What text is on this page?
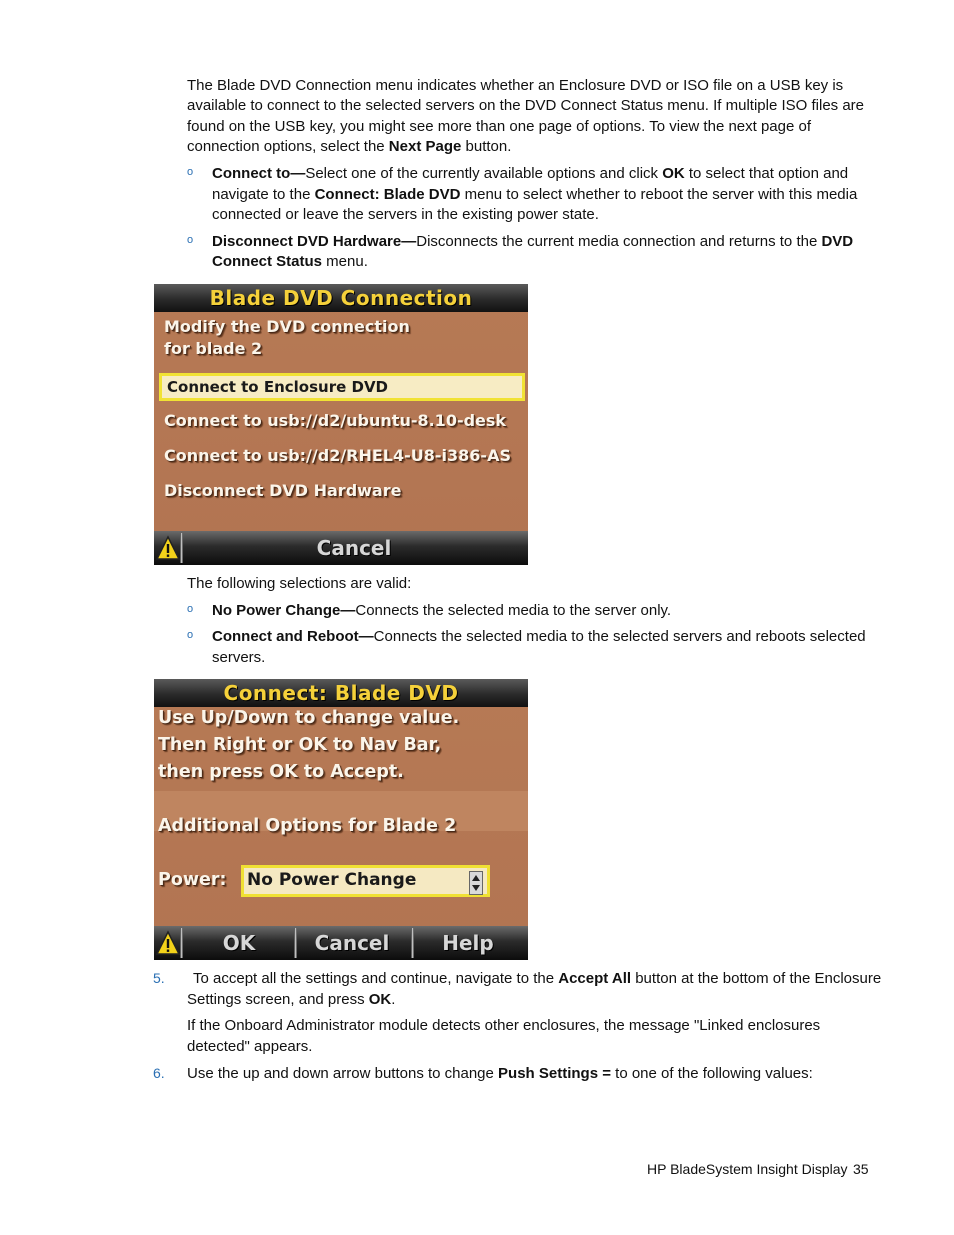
The Blade DVD Connection menu indicates whether an Enclosure DVD or ISO file on a USB key is
available to connect to the selected servers on the DVD Connect Status menu. If multiple ISO files are
found on the USB key, you might see more than one page of options. To view the next page of
connection options, select the Next Page button.
o Connect to—Select one of the currently available options and click OK to select that option and
navigate to the Connect: Blade DVD menu to select whether to reboot the server with this media
connected or leave the servers in the existing power state.
o Disconnect DVD Hardware—Disconnects the current media connection and returns to the DVD
Connect Status menu.
Blade DVD Connection
Modify the DVD connection
for blade 2
Connect to Enclosure DVD
Connect to usb://d2/ubuntu-8.10-desk
Connect to usb://d2/RHEL4-U8-i386-AS
Disconnect DVD Hardware
Cancel
The following selections are valid:
o No Power Change—Connects the selected media to the server only.
o Connect and Reboot—Connects the selected media to the selected servers and reboots selected
servers.
Connect: Blade DVD
Use Up/Down to change value.
Then Right or OK to Nav Bar,
then press OK to Accept.
Additional Options for Blade 2
Power: No Power Change
OK	Cancel	Help
5. To accept all the settings and continue, navigate to the Accept All button at the bottom of the Enclosure
Settings screen, and press OK.
If the Onboard Administrator module detects other enclosures, the message "Linked enclosures
detected" appears.
6. Use the up and down arrow buttons to change Push Settings = to one of the following values:
HP BladeSystem Insight Display 35
